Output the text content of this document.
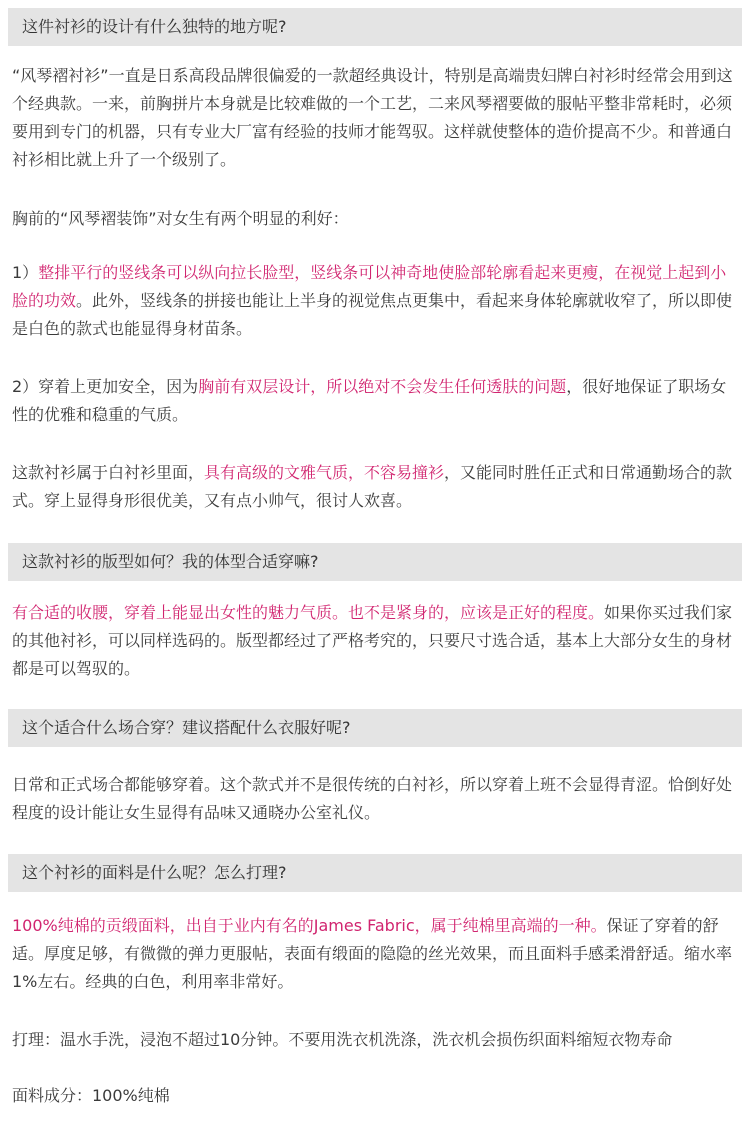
这件衬衫的设计有什么独特的地方呢?

“风琴褶衬衫”一直是日系高段品牌很偏爱的一款超经典设计，特别是高端贵妇牌白衬衫时经常会用到这个经典款。一来，前胸拼片本身就是比较难做的一个工艺，二来风琴褶要做的服帖平整非常耗时，必须要用到专门的机器，只有专业大厂富有经验的技师才能驾驭。这样就使整体的造价提高不少。和普通白衬衫相比就上升了一个级别了。

胸前的“风琴褶装饰”对女生有两个明显的利好：

1）整排平行的竖线条可以纵向拉长脸型，竖线条可以神奇地使脸部轮廓看起来更瘦，在视觉上起到小脸的功效。此外，竖线条的拼接也能让上半身的视觉焦点更集中，看起来身体轮廓就收窄了，所以即使是白色的款式也能显得身材苗条。

2）穿着上更加安全，因为胸前有双层设计，所以绝对不会发生任何透肤的问题，很好地保证了职场女性的优雅和稳重的气质。

这款衬衫属于白衬衫里面，具有高级的文雅气质，不容易撞衫，又能同时胜任正式和日常通勤场合的款式。穿上显得身形很优美，又有点小帅气，很讨人欢喜。

这款衬衫的版型如何？我的体型合适穿嘛?

有合适的收腰，穿着上能显出女性的魅力气质。也不是紧身的，应该是正好的程度。如果你买过我们家的其他衬衫，可以同样选码的。版型都经过了严格考究的，只要尺寸选合适，基本上大部分女生的身材都是可以驾驭的。

这个适合什么场合穿？建议搭配什么衣服好呢?

日常和正式场合都能够穿着。这个款式并不是很传统的白衬衫，所以穿着上班不会显得青涩。恰倒好处程度的设计能让女生显得有品味又通晓办公室礼仪。

这个衬衫的面料是什么呢？怎么打理?

100%纯棉的贡缎面料，出自于业内有名的James Fabric，属于纯棉里高端的一种。保证了穿着的舒适。厚度足够，有微微的弹力更服帖，表面有缎面的隐隐的丝光效果，而且面料手感柔滑舒适。缩水率1%左右。经典的白色，利用率非常好。

打理：温水手洗，浸泡不超过10分钟。不要用洗衣机洗涤，洗衣机会损伤织面料缩短衣物寿命

面料成分：100%纯棉
